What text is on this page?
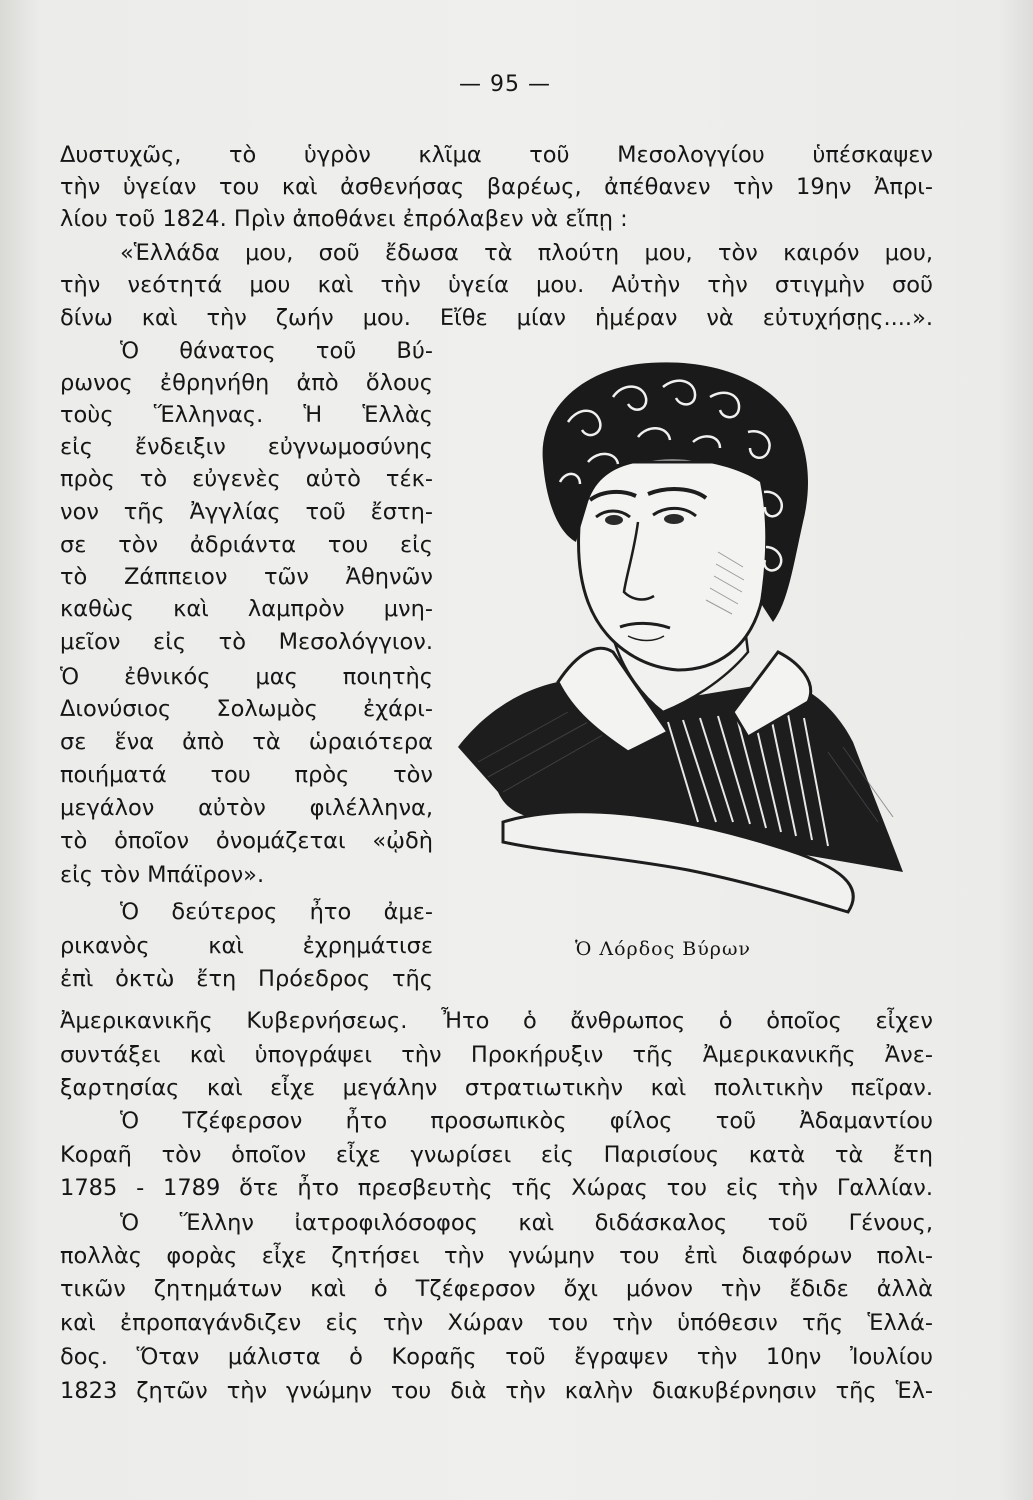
— 95 —
Δυστυχῶς, τὸ ὑγρὸν κλῖμα τοῦ Μεσολογγίου ὑπέσκαψεν
τὴν ὑγείαν του καὶ ἀσθενήσας βαρέως, ἀπέθανεν τὴν 19ην Ἀπρι-
λίου τοῦ 1824. Πρὶν ἀποθάνει ἐπρόλαβεν νὰ εἴπῃ :
«Ἑλλάδα μου, σοῦ ἔδωσα τὰ πλούτη μου, τὸν καιρόν μου,
τὴν νεότητά μου καὶ τὴν ὑγεία μου. Αὐτὴν τὴν στιγμὴν σοῦ
δίνω καὶ τὴν ζωήν μου. Εἴθε μίαν ἡμέραν νὰ εὐτυχήσῃς....».
Ὁ θάνατος τοῦ Βύ-
ρωνος ἐθρηνήθη ἀπὸ ὅλους
τοὺς Ἕλληνας. Ἡ Ἑλλὰς
εἰς ἔνδειξιν εὐγνωμοσύνης
πρὸς τὸ εὐγενὲς αὐτὸ τέκ-
νον τῆς Ἀγγλίας τοῦ ἔστη-
σε τὸν ἀδριάντα του εἰς
τὸ Ζάππειον τῶν Ἀθηνῶν
καθὼς καὶ λαμπρὸν μνη-
μεῖον εἰς τὸ Μεσολόγγιον.
Ὁ ἐθνικός μας ποιητὴς
Διονύσιος Σολωμὸς ἐχάρι-
σε ἕνα ἀπὸ τὰ ὡραιότερα
ποιήματά του πρὸς τὸν
μεγάλον αὐτὸν φιλέλληνα,
τὸ ὁποῖον ὀνομάζεται «ᾠδὴ
εἰς τὸν Μπάϊρον».
Ὁ δεύτερος ἦτο ἀμε-
ρικανὸς καὶ ἐχρημάτισε
ἐπὶ ὀκτὼ ἔτη Πρόεδρος τῆς
Ἀμερικανικῆς Κυβερνήσεως. Ἦτο ὁ ἄνθρωπος ὁ ὁποῖος εἶχεν
συντάξει καὶ ὑπογράψει τὴν Προκήρυξιν τῆς Ἀμερικανικῆς Ἀνε-
ξαρτησίας καὶ εἶχε μεγάλην στρατιωτικὴν καὶ πολιτικὴν πεῖραν.
Ὁ Τζέφερσον ἦτο προσωπικὸς φίλος τοῦ Ἀδαμαντίου
Κοραῆ τὸν ὁποῖον εἶχε γνωρίσει εἰς Παρισίους κατὰ τὰ ἔτη
1785 - 1789 ὅτε ἦτο πρεσβευτὴς τῆς Χώρας του εἰς τὴν Γαλλίαν.
Ὁ Ἕλλην ἰατροφιλόσοφος καὶ διδάσκαλος τοῦ Γένους,
πολλὰς φορὰς εἶχε ζητήσει τὴν γνώμην του ἐπὶ διαφόρων πολι-
τικῶν ζητημάτων καὶ ὁ Τζέφερσον ὄχι μόνον τὴν ἔδιδε ἀλλὰ
καὶ ἐπροπαγάνδιζεν εἰς τὴν Χώραν του τὴν ὑπόθεσιν τῆς Ἑλλά-
δος. Ὅταν μάλιστα ὁ Κοραῆς τοῦ ἔγραψεν τὴν 10ην Ἰουλίου
1823 ζητῶν τὴν γνώμην του διὰ τὴν καλὴν διακυβέρνησιν τῆς Ἑλ-
Ὁ Λόρδος Βύρων
